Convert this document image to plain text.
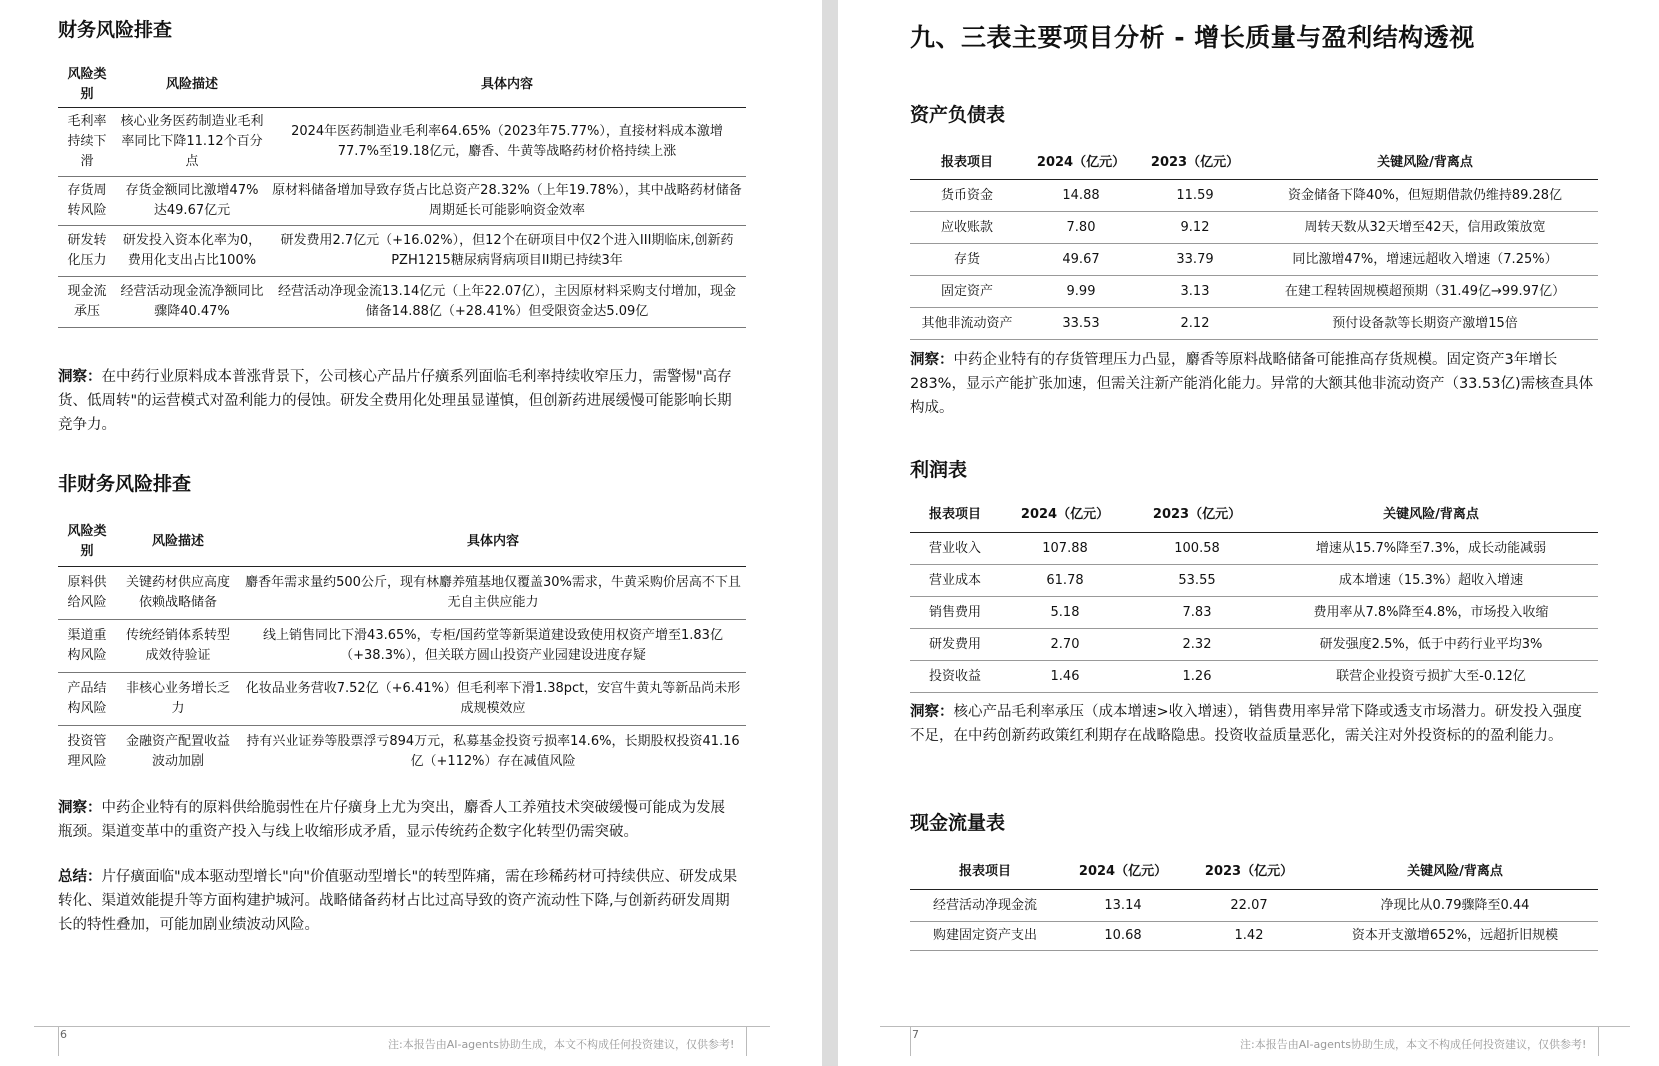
财务风险排查
风险类别	风险描述	具体内容
毛利率持续下滑	核心业务医药制造业毛利率同比下降11.12个百分点	2024年医药制造业毛利率64.65%（2023年75.77%），直接材料成本激增77.7%至19.18亿元，麝香、牛黄等战略药材价格持续上涨
存货周转风险	存货金额同比激增47%达49.67亿元	原材料储备增加导致存货占比总资产28.32%（上年19.78%），其中战略药材储备周期延长可能影响资金效率
研发转化压力	研发投入资本化率为0，费用化支出占比100%	研发费用2.7亿元（+16.02%），但12个在研项目中仅2个进入III期临床,创新药PZH1215糖尿病肾病项目II期已持续3年
现金流承压	经营活动现金流净额同比骤降40.47%	经营活动净现金流13.14亿元（上年22.07亿），主因原材料采购支付增加，现金储备14.88亿（+28.41%）但受限资金达5.09亿
洞察：在中药行业原料成本普涨背景下，公司核心产品片仔癀系列面临毛利率持续收窄压力，需警惕"高存货、低周转"的运营模式对盈利能力的侵蚀。研发全费用化处理虽显谨慎，但创新药进展缓慢可能影响长期竞争力。
非财务风险排查
风险类别	风险描述	具体内容
原料供给风险	关键药材供应高度依赖战略储备	麝香年需求量约500公斤，现有林麝养殖基地仅覆盖30%需求，牛黄采购价居高不下且无自主供应能力
渠道重构风险	传统经销体系转型成效待验证	线上销售同比下滑43.65%，专柜/国药堂等新渠道建设致使用权资产增至1.83亿（+38.3%），但关联方圆山投资产业园建设进度存疑
产品结构风险	非核心业务增长乏力	化妆品业务营收7.52亿（+6.41%）但毛利率下滑1.38pct，安宫牛黄丸等新品尚未形成规模效应
投资管理风险	金融资产配置收益波动加剧	持有兴业证券等股票浮亏894万元，私募基金投资亏损率14.6%，长期股权投资41.16亿（+112%）存在减值风险
洞察：中药企业特有的原料供给脆弱性在片仔癀身上尤为突出，麝香人工养殖技术突破缓慢可能成为发展瓶颈。渠道变革中的重资产投入与线上收缩形成矛盾，显示传统药企数字化转型仍需突破。
总结：片仔癀面临"成本驱动型增长"向"价值驱动型增长"的转型阵痛，需在珍稀药材可持续供应、研发成果转化、渠道效能提升等方面构建护城河。战略储备药材占比过高导致的资产流动性下降,与创新药研发周期长的特性叠加，可能加剧业绩波动风险。
6
注:本报告由AI-agents协助生成，本文不构成任何投资建议，仅供参考!
九、三表主要项目分析 - 增长质量与盈利结构透视
资产负债表
报表项目	2024（亿元）	2023（亿元）	关键风险/背离点
货币资金	14.88	11.59	资金储备下降40%，但短期借款仍维持89.28亿
应收账款	7.80	9.12	周转天数从32天增至42天，信用政策放宽
存货	49.67	33.79	同比激增47%，增速远超收入增速（7.25%）
固定资产	9.99	3.13	在建工程转固规模超预期（31.49亿→99.97亿）
其他非流动资产	33.53	2.12	预付设备款等长期资产激增15倍
洞察：中药企业特有的存货管理压力凸显，麝香等原料战略储备可能推高存货规模。固定资产3年增长283%，显示产能扩张加速，但需关注新产能消化能力。异常的大额其他非流动资产（33.53亿)需核查具体构成。
利润表
报表项目	2024（亿元）	2023（亿元）	关键风险/背离点
营业收入	107.88	100.58	增速从15.7%降至7.3%，成长动能减弱
营业成本	61.78	53.55	成本增速（15.3%）超收入增速
销售费用	5.18	7.83	费用率从7.8%降至4.8%，市场投入收缩
研发费用	2.70	2.32	研发强度2.5%，低于中药行业平均3%
投资收益	1.46	1.26	联营企业投资亏损扩大至-0.12亿
洞察：核心产品毛利率承压（成本增速>收入增速），销售费用率异常下降或透支市场潜力。研发投入强度不足，在中药创新药政策红利期存在战略隐患。投资收益质量恶化，需关注对外投资标的的盈利能力。
现金流量表
报表项目	2024（亿元）	2023（亿元）	关键风险/背离点
经营活动净现金流	13.14	22.07	净现比从0.79骤降至0.44
购建固定资产支出	10.68	1.42	资本开支激增652%，远超折旧规模
7
注:本报告由AI-agents协助生成，本文不构成任何投资建议，仅供参考!
